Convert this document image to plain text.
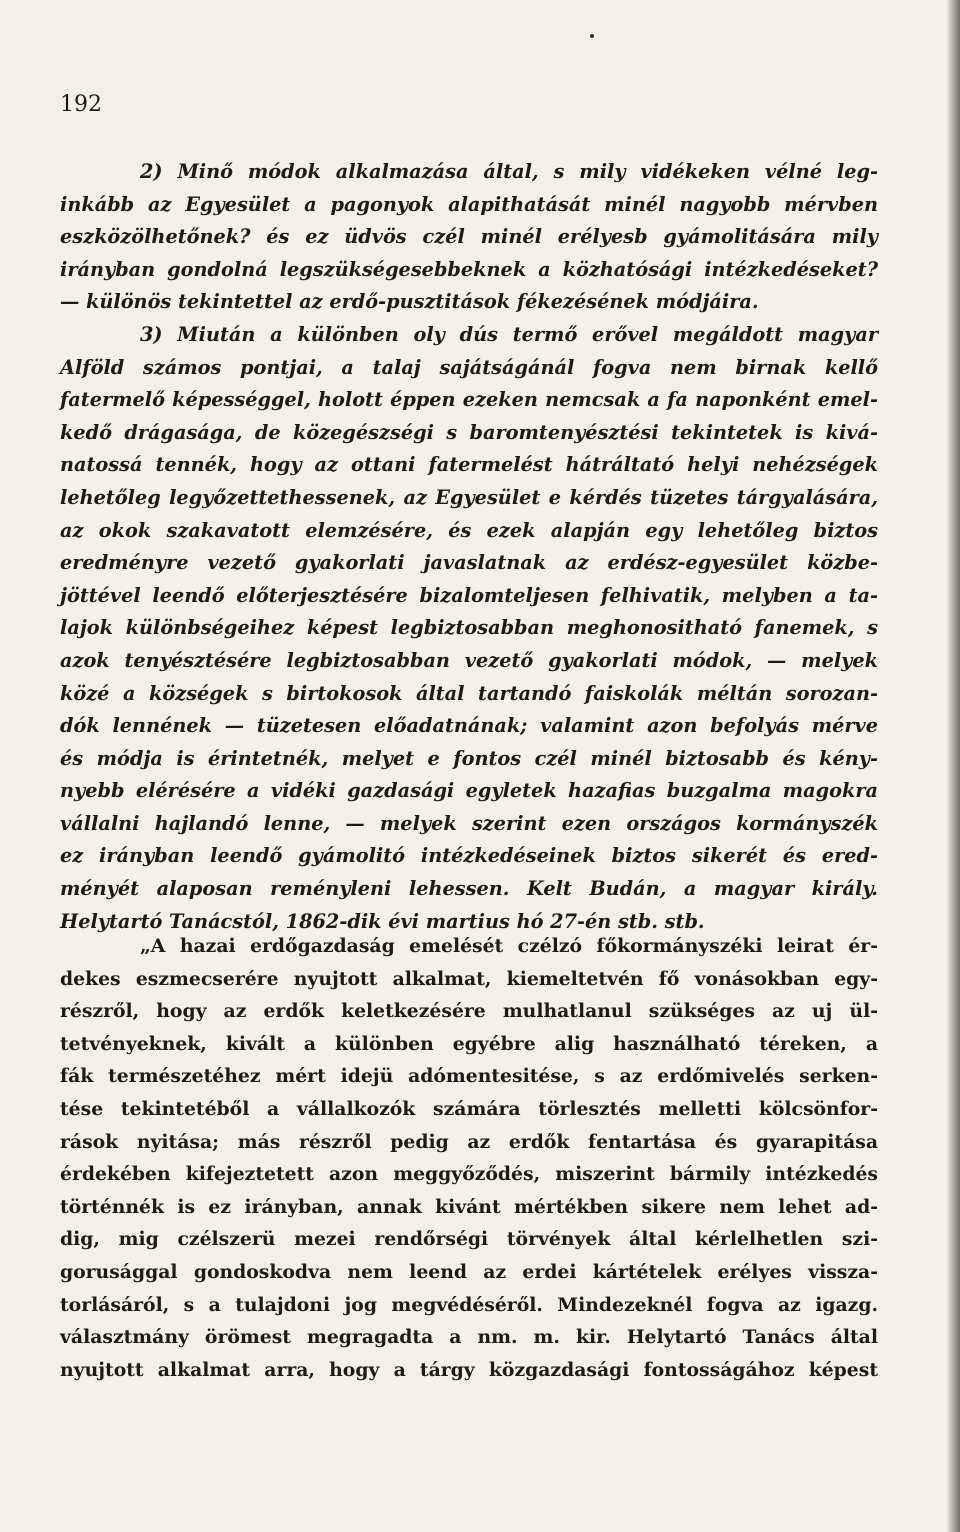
192

2) Minő módok alkalmazása által, s mily vidékeken vélné leg-
inkább az Egyesület a pagonyok alapithatását minél nagyobb mérvben
eszközölhetőnek? és ez üdvös czél minél erélyesb gyámolitására mily
irányban gondolná legszükségesebbeknek a közhatósági intézkedéseket?
— különös tekintettel az erdő-pusztitások fékezésének módjáira.
3) Miután a különben oly dús termő erővel megáldott magyar
Alföld számos pontjai, a talaj sajátságánál fogva nem birnak kellő
fatermelő képességgel, holott éppen ezeken nemcsak a fa naponként emel-
kedő drágasága, de közegészségi s baromtenyésztési tekintetek is kivá-
natossá tennék, hogy az ottani fatermelést hátráltató helyi nehézségek
lehetőleg legyőzettethessenek, az Egyesület e kérdés tüzetes tárgyalására,
az okok szakavatott elemzésére, és ezek alapján egy lehetőleg biztos
eredményre vezető gyakorlati javaslatnak az erdész-egyesület közbe-
jöttével leendő előterjesztésére bizalomteljesen felhivatik, melyben a ta-
lajok különbségeihez képest legbiztosabban meghonositható fanemek, s
azok tenyésztésére legbiztosabban vezető gyakorlati módok, — melyek
közé a községek s birtokosok által tartandó faiskolák méltán sorozan-
dók lennének — tüzetesen előadatnának; valamint azon befolyás mérve
és módja is érintetnék, melyet e fontos czél minél biztosabb és kény-
nyebb elérésére a vidéki gazdasági egyletek hazafias buzgalma magokra
vállalni hajlandó lenne, — melyek szerint ezen országos kormányszék
ez irányban leendő gyámolitó intézkedéseinek biztos sikerét és ered-
ményét alaposan reményleni lehessen. Kelt Budán, a magyar király.
Helytartó Tanácstól, 1862-dik évi martius hó 27-én stb. stb.
„A hazai erdőgazdaság emelését czélzó főkormányszéki leirat ér-
dekes eszmecserére nyujtott alkalmat, kiemeltetvén fő vonásokban egy-
részről, hogy az erdők keletkezésére mulhatlanul szükséges az uj ül-
tetvényeknek, kivált a különben egyébre alig használható téreken, a
fák természetéhez mért idejü adómentesitése, s az erdőmivelés serken-
tése tekintetéből a vállalkozók számára törlesztés melletti kölcsönfor-
rások nyitása; más részről pedig az erdők fentartása és gyarapitása
érdekében kifejeztetett azon meggyőződés, miszerint bármily intézkedés
történnék is ez irányban, annak kivánt mértékben sikere nem lehet ad-
dig, mig czélszerü mezei rendőrségi törvények által kérlelhetlen szi-
gorusággal gondoskodva nem leend az erdei kártételek erélyes vissza-
torlásáról, s a tulajdoni jog megvédéséről. Mindezeknél fogva az igazg.
választmány örömest megragadta a nm. m. kir. Helytartó Tanács által
nyujtott alkalmat arra, hogy a tárgy közgazdasági fontosságához képest
